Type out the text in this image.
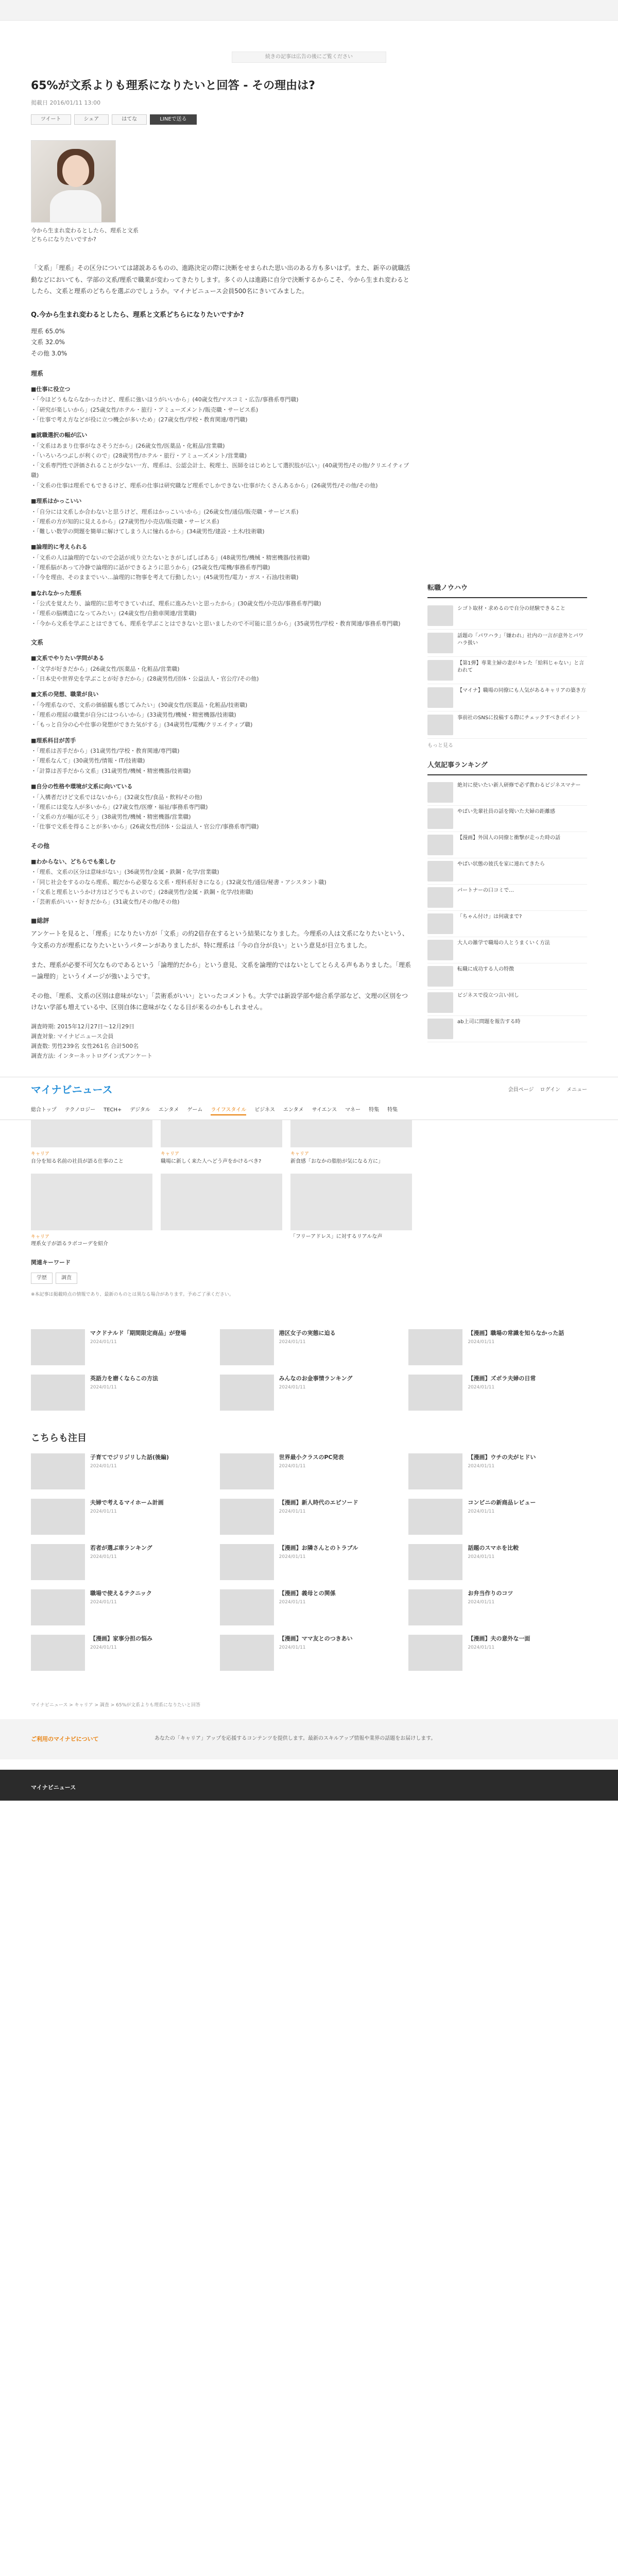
続きの記事は広告の後にご覧ください
65%が文系よりも理系になりたいと回答 - その理由は?
掲載日 2016/01/11 13:00
ツイート	シェア	はてな	LINEで送る
今から生まれ変わるとしたら、理系と文系どちらになりたいですか?

「文系」「理系」その区分については諸説あるものの、進路決定の際に決断をせまられた思い出のある方も多いはず。また、新卒の就職活動などにおいても、学部の文系/理系で職業が変わってきたりします。多くの人は進路に自分で決断するからこそ、今から生まれ変わるとしたら、文系と理系のどちらを選ぶのでしょうか。マイナビニュース会員500名にきいてみました。

Q.今から生まれ変わるとしたら、理系と文系どちらになりたいですか?
理系 65.0%
文系 32.0%
その他 3.0%
理系
■仕事に役立つ
・「今ほどうもならなかったけど、理系に強いほうがいいから」(40歳女性/マスコミ・広告/事務系専門職)
・「研究が楽しいから」(25歳女性/ホテル・旅行・アミューズメント/販売職・サービス系)
・「仕事で考え方などが役に立つ機会が多いため」(27歳女性/学校・教育関連/専門職)
■就職選択の幅が広い
・「文系はあまり仕事がなさそうだから」(26歳女性/医薬品・化粧品/営業職)
・「いろいろつぶしが利くので」(28歳男性/ホテル・旅行・アミューズメント/営業職)
・「文系専門性で評価されることが少ない一方、理系は、公認会計士、税理士、医師をはじめとして選択肢が広い」(40歳男性/その他/クリエイティブ職)
・「文系の仕事は理系でもできるけど、理系の仕事は研究職など理系でしかできない仕事がたくさんあるから」(26歳男性/その他/その他)
■理系はかっこいい
・「自分には文系しか合わないと思うけど、理系はかっこいいから」(26歳女性/通信/販売職・サービス系)
・「理系の方が知的に見えるから」(27歳男性/小売店/販売職・サービス系)
・「難しい数学の問題を簡単に解けてしまう人に憧れるから」(34歳男性/建設・土木/技術職)
■論理的に考えられる
・「文系の人は論理的でないので会話が成り立たないときがしばしばある」(48歳男性/機械・精密機器/技術職)
・「理系脳があって冷静で論理的に話ができるように思うから」(25歳女性/電機/事務系専門職)
・「今を理由、そのままでいい…論理的に物事を考えて行動したい」(45歳男性/電力・ガス・石油/技術職)
■なれなかった理系
・「公式を覚えたり、論理的に思考できていれば、理系に進みたいと思ったから」(30歳女性/小売店/事務系専門職)
・「理系の脳構造になってみたい」(24歳女性/自動車関連/営業職)
・「今から文系を学ぶことはできても、理系を学ぶことはできないと思いましたので不可能に思うから」(35歳男性/学校・教育関連/事務系専門職)
文系
■文系でやりたい学問がある
・「文学が好きだから」(26歳女性/医薬品・化粧品/営業職)
・「日本史や世界史を学ぶことが好きだから」(28歳男性/団体・公益法人・官公庁/その他)
■文系の発想、職業が良い
・「今理系なので、文系の価値観も感じてみたい」(30歳女性/医薬品・化粧品/技術職)
・「理系の理屈の職業が自分にはつらいから」(33歳男性/機械・精密機器/技術職)
・「もっと自分の心や仕事の発想ができた気がする」(34歳男性/電機/クリエイティブ職)
■理系科目が苦手
・「理系は苦手だから」(31歳男性/学校・教育関連/専門職)
・「理系なんて」(30歳男性/情報・IT/技術職)
・「計算は苦手だから文系」(31歳男性/機械・精密機器/技術職)
■自分の性格や環境が文系に向いている
・「入構者だけど文系ではないから」(32歳女性/食品・飲料/その他)
・「理系には変な人が多いから」(27歳女性/医療・福祉/事務系専門職)
・「文系の方が幅が広そう」(38歳男性/機械・精密機器/営業職)
・「仕事で文系を得ることが多いから」(26歳女性/団体・公益法人・官公庁/事務系専門職)
その他
■わからない、どちらでも楽しむ
・「理系、文系の区分は意味がない」(36歳男性/金属・鉄鋼・化学/営業職)
・「同じ社会をするのなら理系、暇だから必要なる文系・理科系好きになる」(32歳女性/通信/秘書・アシスタント職)
・「文系と理系というかけ方はどうでもよいので」(28歳男性/金属・鉄鋼・化学/技術職)
・「芸術系がいい・好きだから」(31歳女性/その他/その他)
■総評

アンケートを見ると、「理系」になりたい方が「文系」の約2倍存在するという結果になりました。今理系の人は文系になりたいという、今文系の方が理系になりたいというパターンがありましたが、特に理系は「今の自分が良い」という意見が目立ちました。

また、理系が必要不可欠なものであるという「論理的だから」という意見、文系を論理的ではないとしてとらえる声もありました。「理系＝論理的」というイメージが強いようです。

その他、「理系、文系の区別は意味がない」「芸術系がいい」といったコメントも。大学では新設学部や総合系学部など、文理の区別をつけない学部も増えている中、区別自体に意味がなくなる日が来るのかもしれません。

調査時期: 2015年12月27日～12月29日
調査対象: マイナビニュース会員
調査数: 男性239名 女性261名 合計500名
調査方法: インターネットログイン式アンケート
キャリア
自分を知る名前の社員が語る仕事のこと
キャリア
職場に新しく来た人へどう声をかけるべき?
キャリア
新食感「おなかの脂肪が気になる方に」
キャリア
理系女子が語るラボコーデを紹介
「フリーアドレス」に対するリアルな声
関連キーワード
学歴	調査
※本記事は掲載時点の情報であり、最新のものとは異なる場合があります。予めご了承ください。
転職ノウハウ
シゴト取材・求めるので自分の経験できること
話題の「パワハラ」「嫌われ」社内の一言が意外とパワハラ扱い
【第1弾】専業主婦の妻がキレた「給料じゃない」と言われて
【マイナ】職場の同僚にも人気があるキャリアの築き方
事前社のSNSに投稿する際にチェックすべきポイント
もっと見る
人気記事ランキング
絶対に使いたい新人研修で必ず教わるビジネスマナー
やばい先輩社員の話を聞いた夫婦の距離感
【漫画】外国人の同僚と衝撃が走った時の話
やばい状態の彼氏を家に連れてきたら
パートナーの口コミで…
「ちゃん付け」は何歳まで?
大人の雑学で職場の人とうまくいく方法
転職に成功する人の特徴
ビジネスで役立つ言い回し
ab上司に問題を報告する時
マイナビニュース	会員ページ ログイン メニュー
総合トップ テクノロジー TECH+ デジタル エンタメ ゲーム ライフスタイル ビジネス エンタメ サイエンス マネー 特集 特集
マクドナルド「期間限定商品」が登場
2024/01/11
港区女子の実態に迫る
2024/01/11
【漫画】職場の常識を知らなかった話
2024/01/11
英語力を磨くならこの方法
2024/01/11
みんなのお金事情ランキング
2024/01/11
【漫画】ズボラ夫婦の日常
2024/01/11
こちらも注目
子育てでジリジリした話(後編)
2024/01/11
世界最小クラスのPC発表
2024/01/11
【漫画】ウチの夫がヒドい
2024/01/11
夫婦で考えるマイホーム計画
2024/01/11
【漫画】新人時代のエピソード
2024/01/11
コンビニの新商品レビュー
2024/01/11
若者が選ぶ車ランキング
2024/01/11
【漫画】お隣さんとのトラブル
2024/01/11
話題のスマホを比較
2024/01/11
職場で使えるテクニック
2024/01/11
【漫画】義母との関係
2024/01/11
お弁当作りのコツ
2024/01/11
【漫画】家事分担の悩み
2024/01/11
【漫画】ママ友とのつきあい
2024/01/11
【漫画】夫の意外な一面
2024/01/11
マイナビニュース > キャリア > 調査 > 65%が文系よりも理系になりたいと回答
ご利用のマイナビについて	あなたの「キャリア」アップを応援するコンテンツを提供します。最新のスキルアップ情報や業界の話題をお届けします。
マイナビニュース
